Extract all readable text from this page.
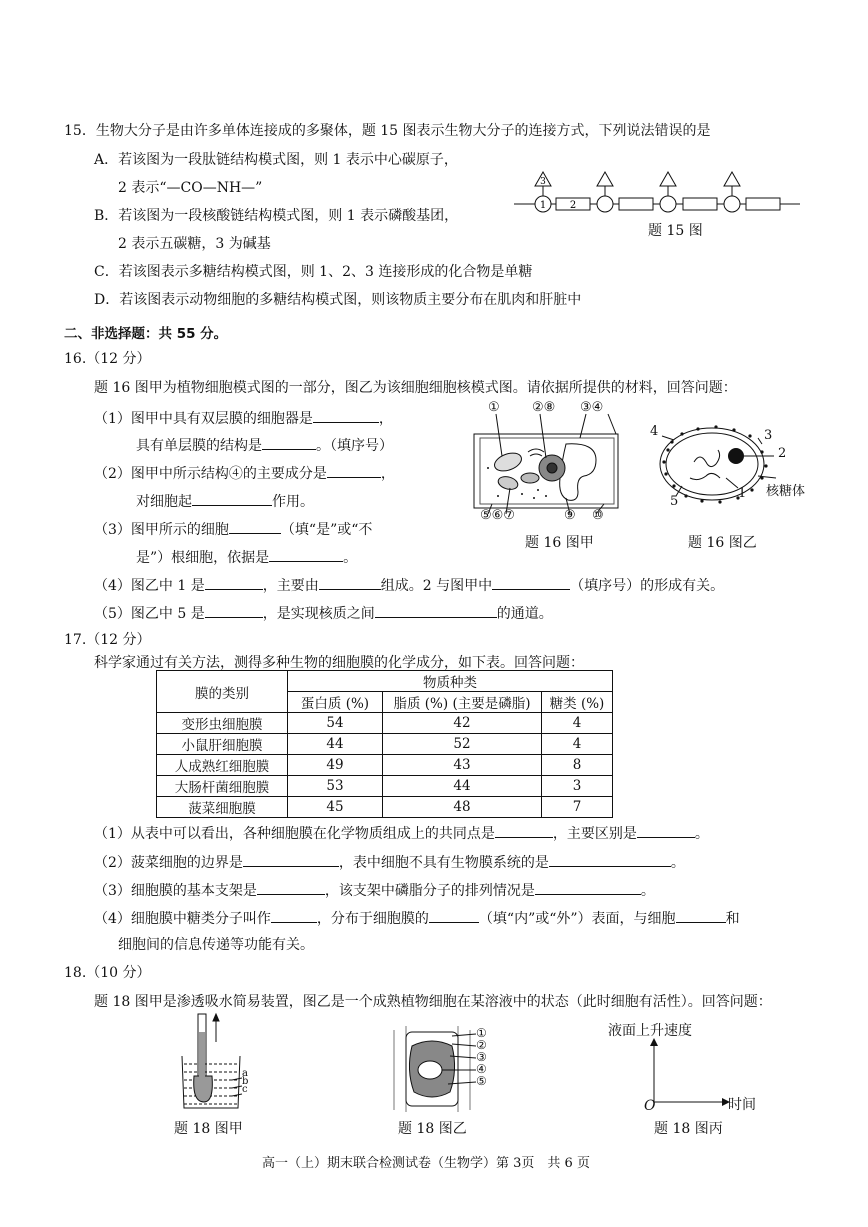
15．生物大分子是由许多单体连接成的多聚体，题 15 图表示生物大分子的连接方式，下列说法错误的是
A．若该图为一段肽链结构模式图，则 1 表示中心碳原子，
2 表示“—CO—NH—”
B．若该图为一段核酸链结构模式图，则 1 表示磷酸基团，
2 表示五碳糖，3 为碱基
C．若该图表示多糖结构模式图，则 1、2、3 连接形成的化合物是单糖
D．若该图表示动物细胞的多糖结构模式图，则该物质主要分布在肌肉和肝脏中
3
1 2
题 15 图
二、非选择题：共 55 分。
16.（12 分）
题 16 图甲为植物细胞模式图的一部分，图乙为该细胞细胞核模式图。请依据所提供的材料，回答问题：
（1）图甲中具有双层膜的细胞器是	，
具有单层膜的结构是	。（填序号）
（2）图甲中所示结构④的主要成分是	，
对细胞起	作用。
（3）图甲所示的细胞	（填“是”或“不
是”）根细胞，依据是	。
（4）图乙中 1 是	，主要由	组成。2 与图甲中	（填序号）的形成有关。
（5）图乙中 5 是	，是实现核质之间	的通道。
① ②⑧ ③④
⑤⑥⑦	⑨ ⑩
题 16 图甲
4	3
2
1
5
核糖体
题 16 图乙
17.（12 分）
科学家通过有关方法，测得多种生物的细胞膜的化学成分，如下表。回答问题：
膜的类别	物质种类		
	蛋白质 (%)	脂质 (%) (主要是磷脂)	糖类 (%)
变形虫细胞膜	54	42	4
小鼠肝细胞膜	44	52	4
人成熟红细胞膜	49	43	8
大肠杆菌细胞膜	53	44	3
菠菜细胞膜	45	48	7
（1）从表中可以看出，各种细胞膜在化学物质组成上的共同点是	，主要区别是	。
（2）菠菜细胞的边界是	，表中细胞不具有生物膜系统的是	。
（3）细胞膜的基本支架是	，该支架中磷脂分子的排列情况是	。
（4）细胞膜中糖类分子叫作	，分布于细胞膜的	（填“内”或“外”）表面，与细胞	和
细胞间的信息传递等功能有关。
18.（10 分）
题 18 图甲是渗透吸水简易装置，图乙是一个成熟植物细胞在某溶液中的状态（此时细胞有活性）。回答问题：
a
b
c
题 18 图甲
①
②
③
④
⑤
题 18 图乙
液面上升速度
时间
O
题 18 图丙
高一（上）期末联合检测试卷（生物学）第 3页　共 6 页
